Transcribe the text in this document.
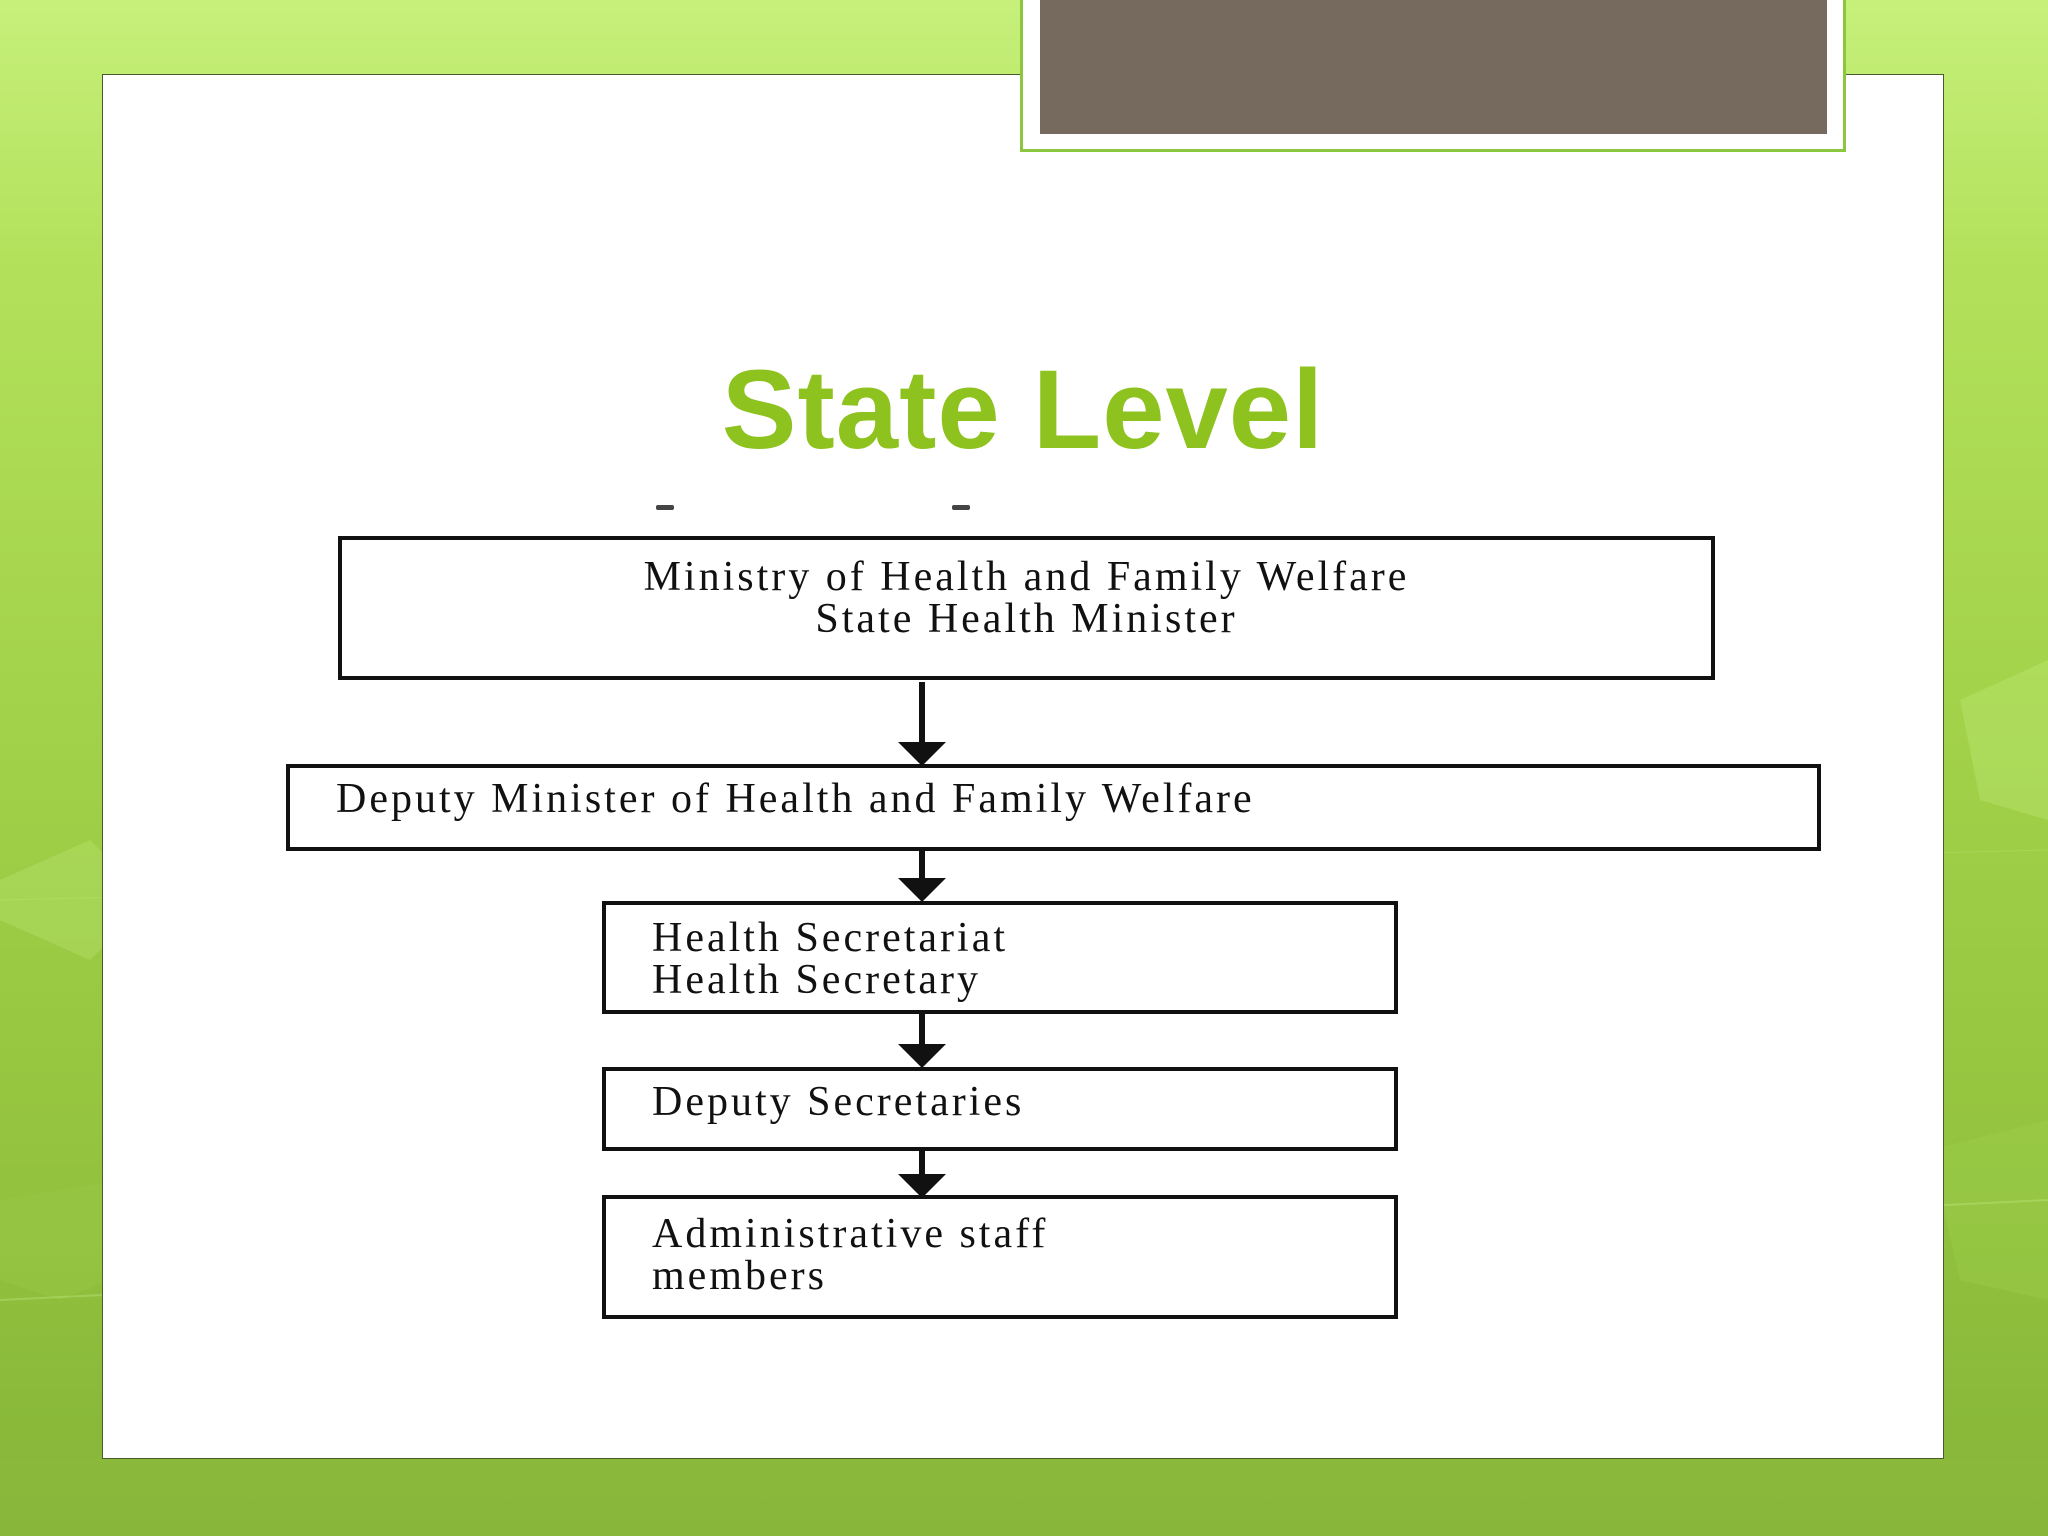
State Level
Ministry of Health and Family Welfare
State Health Minister
Deputy Minister of Health and Family Welfare
Health Secretariat
Health Secretary
Deputy Secretaries
Administrative staff
members
